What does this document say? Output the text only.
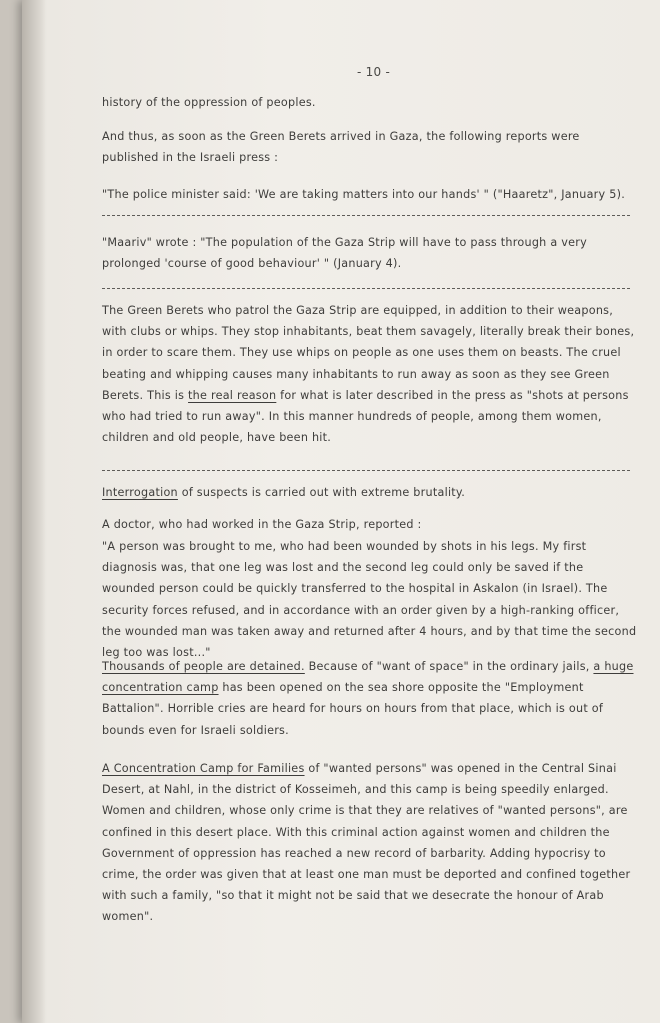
- 10 -

history of the oppression of peoples.

And thus, as soon as the Green Berets arrived in Gaza, the following reports were published in the Israeli press :

"The police minister said: 'We are taking matters into our hands' " ("Haaretz", January 5).

"Maariv" wrote : "The population of the Gaza Strip will have to pass through a very prolonged 'course of good behaviour' " (January 4).

The Green Berets who patrol the Gaza Strip are equipped, in addition to their weapons, with clubs or whips. They stop inhabitants, beat them savagely, literally break their bones, in order to scare them. They use whips on people as one uses them on beasts. The cruel beating and whipping causes many inhabitants to run away as soon as they see Green Berets. This is the real reason for what is later described in the press as "shots at persons who had tried to run away". In this manner hundreds of people, among them women, children and old people, have been hit.

Interrogation of suspects is carried out with extreme brutality.

A doctor, who had worked in the Gaza Strip, reported :

"A person was brought to me, who had been wounded by shots in his legs. My first diagnosis was, that one leg was lost and the second leg could only be saved if the wounded person could be quickly transferred to the hospital in Askalon (in Israel). The security forces refused, and in accordance with an order given by a high-ranking officer, the wounded man was taken away and returned after 4 hours, and by that time the second leg too was lost..."

Thousands of people are detained. Because of "want of space" in the ordinary jails, a huge concentration camp has been opened on the sea shore opposite the "Employment Battalion". Horrible cries are heard for hours on hours from that place, which is out of bounds even for Israeli soldiers.

A Concentration Camp for Families of "wanted persons" was opened in the Central Sinai Desert, at Nahl, in the district of Kosseimeh, and this camp is being speedily enlarged. Women and children, whose only crime is that they are relatives of "wanted persons", are confined in this desert place. With this criminal action against women and children the Government of oppression has reached a new record of barbarity. Adding hypocrisy to crime, the order was given that at least one man must be deported and confined together with such a family, "so that it might not be said that we desecrate the honour of Arab women".
